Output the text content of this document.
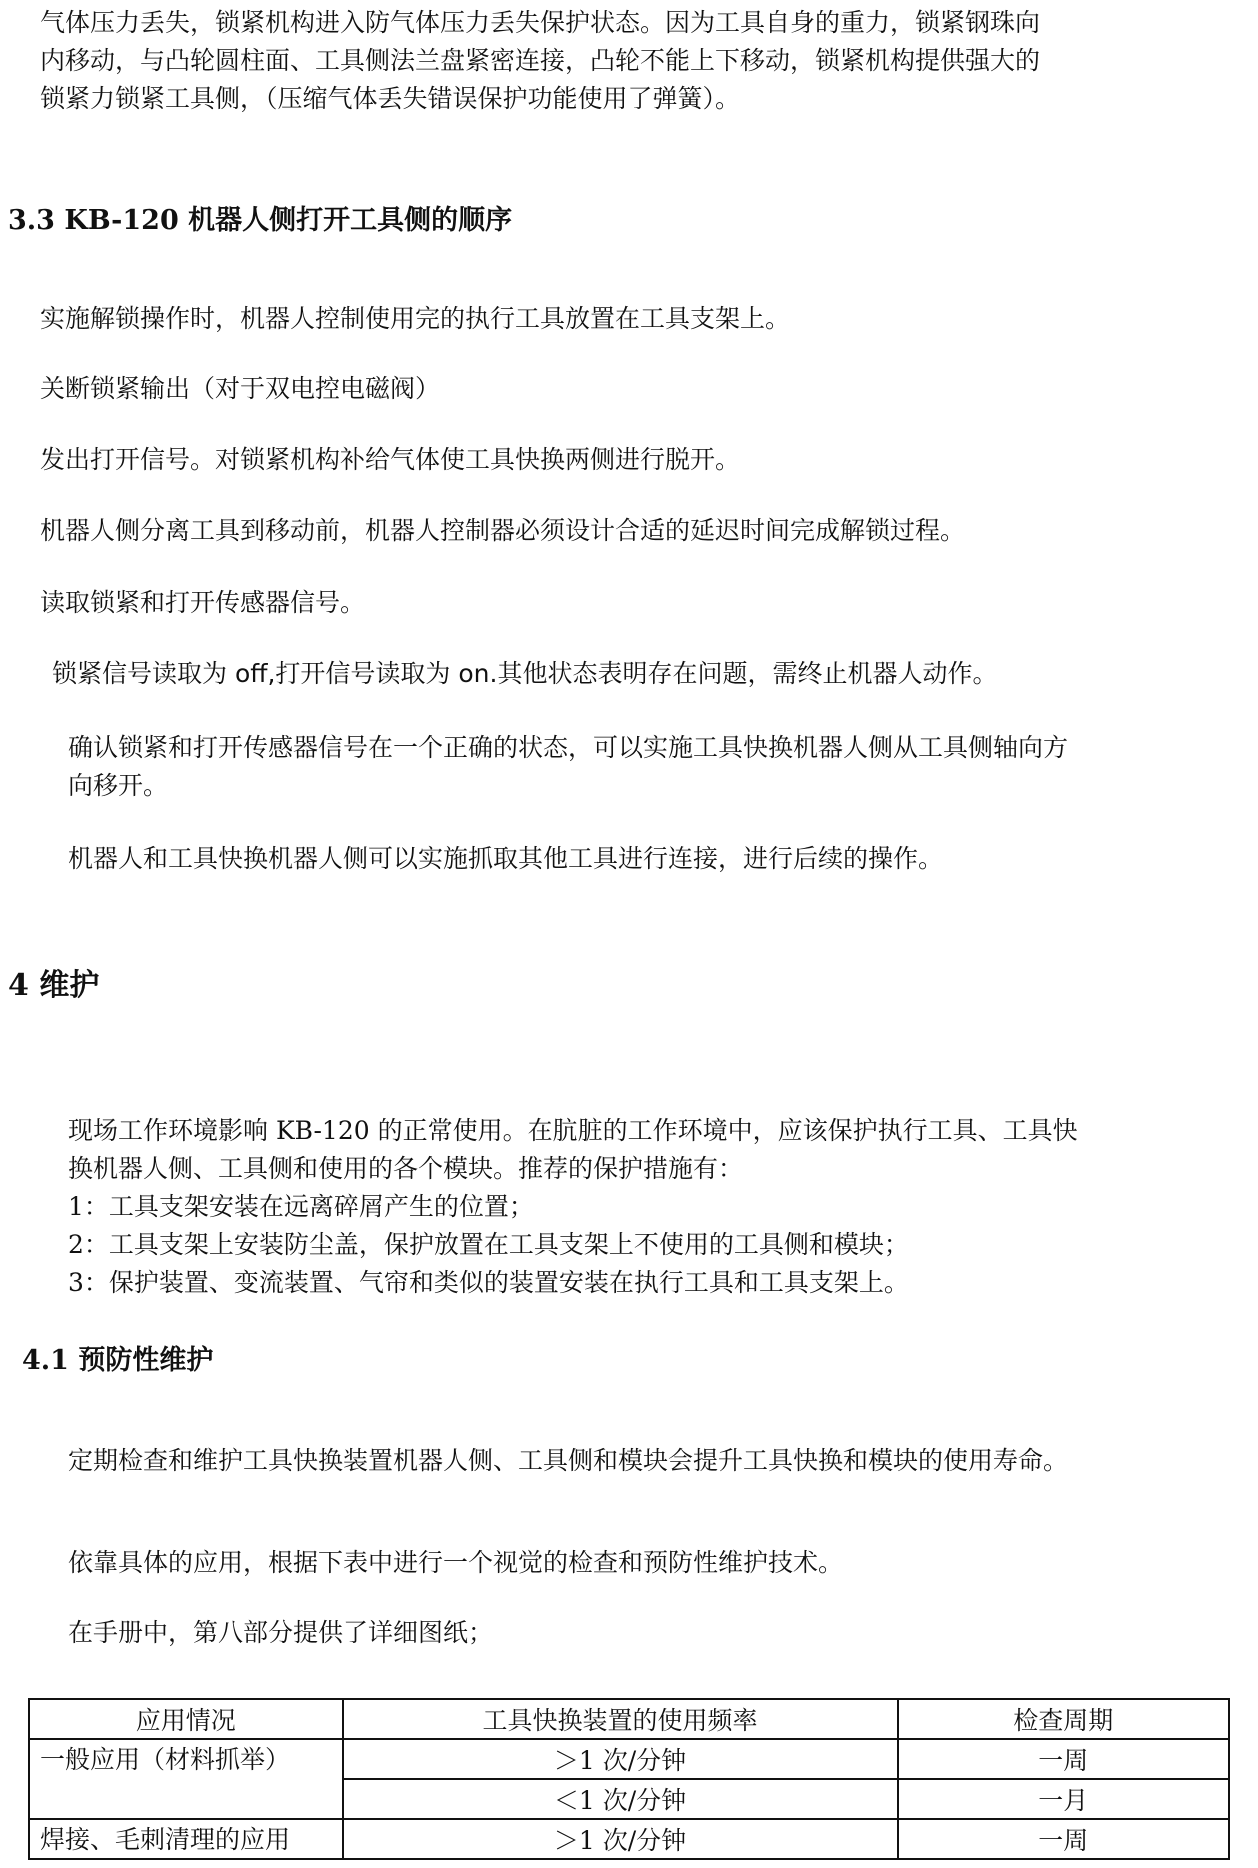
气体压力丢失，锁紧机构进入防气体压力丢失保护状态。因为工具自身的重力，锁紧钢珠向

内移动，与凸轮圆柱面、工具侧法兰盘紧密连接，凸轮不能上下移动，锁紧机构提供强大的

锁紧力锁紧工具侧，（压缩气体丢失错误保护功能使用了弹簧）。

3.3 KB-120 机器人侧打开工具侧的顺序

实施解锁操作时，机器人控制使用完的执行工具放置在工具支架上。

关断锁紧输出（对于双电控电磁阀）

发出打开信号。对锁紧机构补给气体使工具快换两侧进行脱开。

机器人侧分离工具到移动前，机器人控制器必须设计合适的延迟时间完成解锁过程。

读取锁紧和打开传感器信号。

锁紧信号读取为 off,打开信号读取为 on.其他状态表明存在问题，需终止机器人动作。

确认锁紧和打开传感器信号在一个正确的状态，可以实施工具快换机器人侧从工具侧轴向方

向移开。

机器人和工具快换机器人侧可以实施抓取其他工具进行连接，进行后续的操作。

4 维护

现场工作环境影响 KB-120 的正常使用。在肮脏的工作环境中，应该保护执行工具、工具快

换机器人侧、工具侧和使用的各个模块。推荐的保护措施有：

1：工具支架安装在远离碎屑产生的位置；

2：工具支架上安装防尘盖，保护放置在工具支架上不使用的工具侧和模块；

3：保护装置、变流装置、气帘和类似的装置安装在执行工具和工具支架上。

4.1 预防性维护

定期检查和维护工具快换装置机器人侧、工具侧和模块会提升工具快换和模块的使用寿命。

依靠具体的应用，根据下表中进行一个视觉的检查和预防性维护技术。

在手册中，第八部分提供了详细图纸；

应用情况	工具快换装置的使用频率	检查周期
一般应用（材料抓举）	＞1 次/分钟	一周
	＜1 次/分钟	一月
焊接、毛刺清理的应用	＞1 次/分钟	一周
